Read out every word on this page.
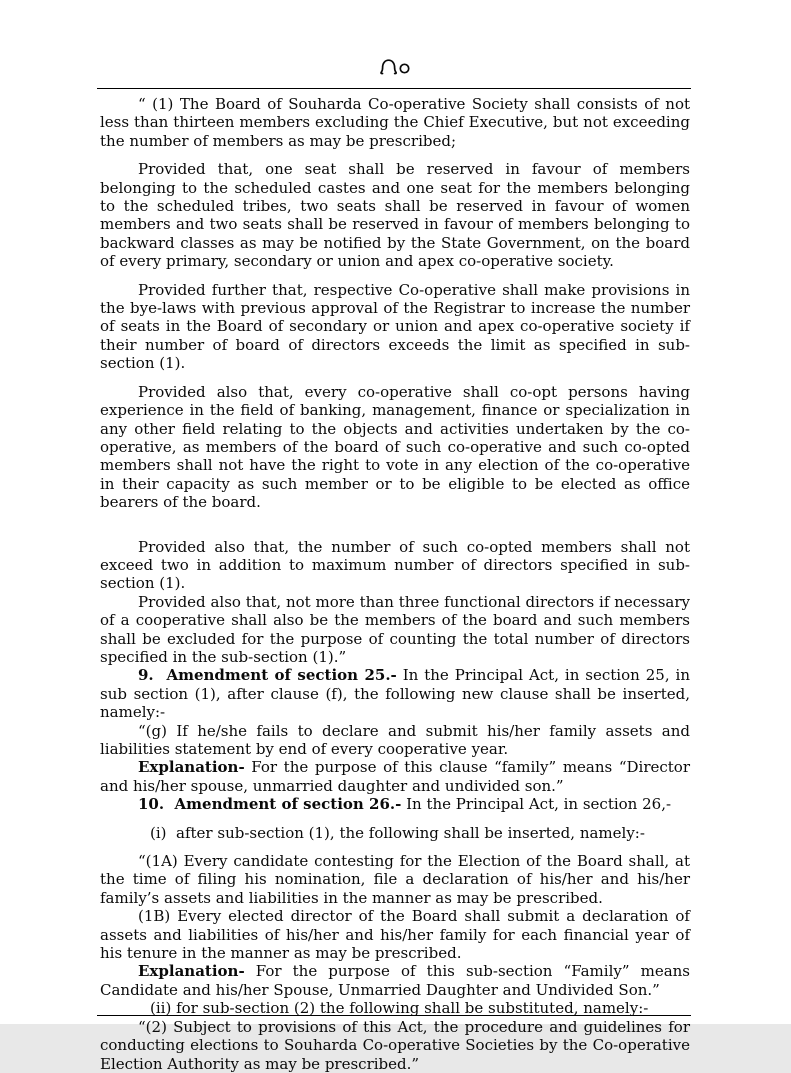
“ (1) The Board of Souharda Co-operative Society shall consists of not less than thirteen members excluding the Chief Executive, but not exceeding the number of members as may be prescribed;

Provided that, one seat shall be reserved in favour of members belonging to the scheduled castes and one seat for the members belonging to the scheduled tribes, two seats shall be reserved in favour of women members and two seats shall be reserved in favour of members belonging to backward classes as may be notified by the State Government, on the board of every primary, secondary or union and apex co-operative society.

Provided further that, respective Co-operative shall make provisions in the bye-laws with previous approval of the Registrar to increase the number of seats in the Board of secondary or union and apex co-operative society if their number of board of directors exceeds the limit as specified in sub-section (1).

Provided also that, every co-operative shall co-opt persons having experience in the field of banking, management, finance or specialization in any other field relating to the objects and activities undertaken by the co-operative, as members of the board of such co-operative and such co-opted members shall not have the right to vote in any election of the co-operative in their capacity as such member or to be eligible to be elected as office bearers of the board.

Provided also that, the number of such co-opted members shall not exceed two in addition to maximum number of directors specified in sub-section (1).

Provided also that, not more than three functional directors if necessary of a cooperative shall also be the members of the board and such members shall be excluded for the purpose of counting the total number of directors specified in the sub-section (1).”

9.  Amendment of section 25.- In the Principal Act, in section 25, in sub section (1), after clause (f), the following new clause shall be inserted, namely:-

“(g) If he/she fails to declare and submit his/her family assets and liabilities statement by end of every cooperative year.

Explanation- For the purpose of this clause “family” means “Director and his/her spouse, unmarried daughter and undivided son.”

10.  Amendment of section 26.- In the Principal Act, in section 26,-

(i)  after sub-section (1), the following shall be inserted, namely:-

“(1A) Every candidate contesting for the Election of the Board shall, at the time of filing his nomination, file a declaration of his/her and his/her family’s assets and liabilities in the manner as may be prescribed.

(1B) Every elected director of the Board shall submit a declaration of assets and liabilities of his/her and his/her family for each financial year of his tenure in the manner as may be prescribed.

Explanation- For the purpose of this sub-section “Family” means Candidate and his/her Spouse, Unmarried Daughter and Undivided Son.”

(ii) for sub-section (2) the following shall be substituted, namely:-

“(2) Subject to provisions of this Act, the procedure and guidelines for conducting elections to Souharda Co-operative Societies by the Co-operative Election Authority as may be prescribed.”
